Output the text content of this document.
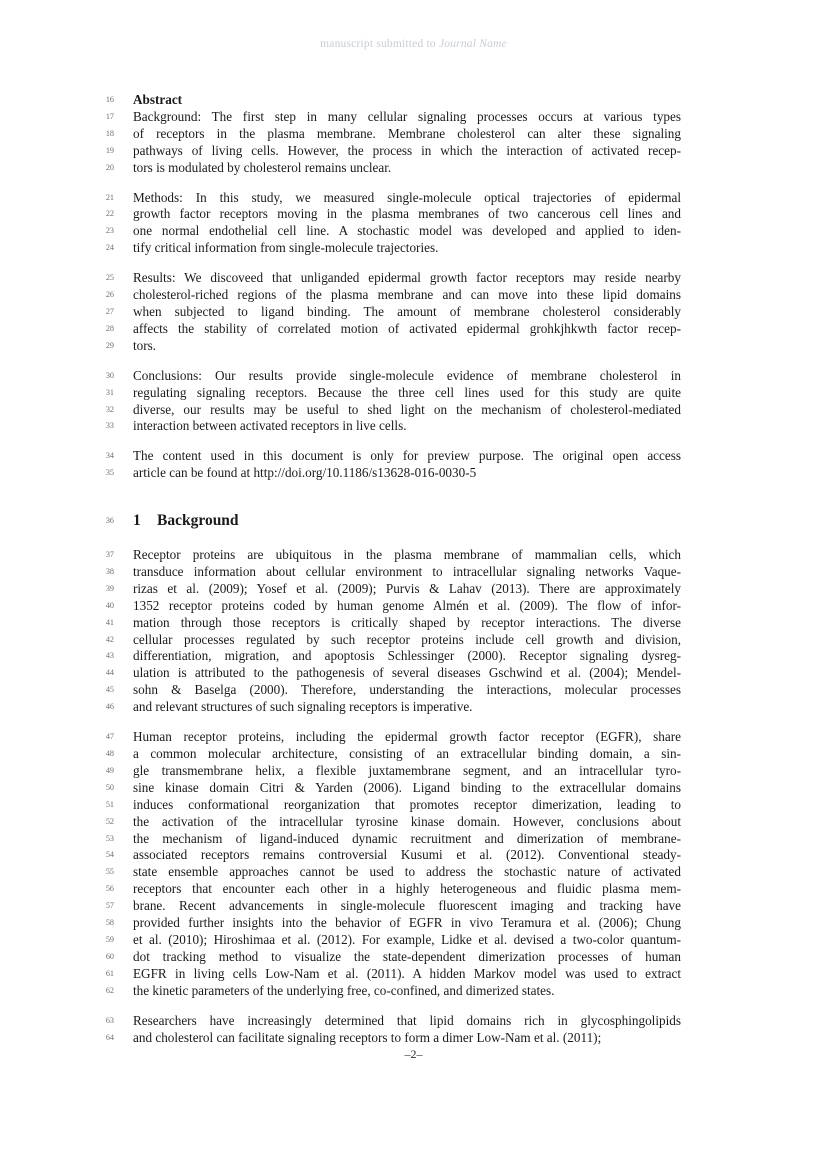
manuscript submitted to Journal Name
16
17
18
19
20
21
22
23
24
25
26
27
28
29
30
31
32
33
34
35
36
37
38
39
40
41
42
43
44
45
46
47
48
49
50
51
52
53
54
55
56
57
58
59
60
61
62
63
64
Abstract
Background: The first step in many cellular signaling processes occurs at various types
of receptors in the plasma membrane. Membrane cholesterol can alter these signaling
pathways of living cells. However, the process in which the interaction of activated recep-
tors is modulated by cholesterol remains unclear.
Methods: In this study, we measured single-molecule optical trajectories of epidermal
growth factor receptors moving in the plasma membranes of two cancerous cell lines and
one normal endothelial cell line. A stochastic model was developed and applied to iden-
tify critical information from single-molecule trajectories.
Results: We discoveed that unliganded epidermal growth factor receptors may reside nearby
cholesterol-riched regions of the plasma membrane and can move into these lipid domains
when subjected to ligand binding. The amount of membrane cholesterol considerably
affects the stability of correlated motion of activated epidermal grohkjhkwth factor recep-
tors.
Conclusions: Our results provide single-molecule evidence of membrane cholesterol in
regulating signaling receptors. Because the three cell lines used for this study are quite
diverse, our results may be useful to shed light on the mechanism of cholesterol-mediated
interaction between activated receptors in live cells.
The content used in this document is only for preview purpose. The original open access
article can be found at http://doi.org/10.1186/s13628-016-0030-5
1 Background
Receptor proteins are ubiquitous in the plasma membrane of mammalian cells, which
transduce information about cellular environment to intracellular signaling networks Vaque-
rizas et al. (2009); Yosef et al. (2009); Purvis & Lahav (2013). There are approximately
1352 receptor proteins coded by human genome Almén et al. (2009). The flow of infor-
mation through those receptors is critically shaped by receptor interactions. The diverse
cellular processes regulated by such receptor proteins include cell growth and division,
differentiation, migration, and apoptosis Schlessinger (2000). Receptor signaling dysreg-
ulation is attributed to the pathogenesis of several diseases Gschwind et al. (2004); Mendel-
sohn & Baselga (2000). Therefore, understanding the interactions, molecular processes
and relevant structures of such signaling receptors is imperative.
Human receptor proteins, including the epidermal growth factor receptor (EGFR), share
a common molecular architecture, consisting of an extracellular binding domain, a sin-
gle transmembrane helix, a flexible juxtamembrane segment, and an intracellular tyro-
sine kinase domain Citri & Yarden (2006). Ligand binding to the extracellular domains
induces conformational reorganization that promotes receptor dimerization, leading to
the activation of the intracellular tyrosine kinase domain. However, conclusions about
the mechanism of ligand-induced dynamic recruitment and dimerization of membrane-
associated receptors remains controversial Kusumi et al. (2012). Conventional steady-
state ensemble approaches cannot be used to address the stochastic nature of activated
receptors that encounter each other in a highly heterogeneous and fluidic plasma mem-
brane. Recent advancements in single-molecule fluorescent imaging and tracking have
provided further insights into the behavior of EGFR in vivo Teramura et al. (2006); Chung
et al. (2010); Hiroshimaa et al. (2012). For example, Lidke et al. devised a two-color quantum-
dot tracking method to visualize the state-dependent dimerization processes of human
EGFR in living cells Low-Nam et al. (2011). A hidden Markov model was used to extract
the kinetic parameters of the underlying free, co-confined, and dimerized states.
Researchers have increasingly determined that lipid domains rich in glycosphingolipids
and cholesterol can facilitate signaling receptors to form a dimer Low-Nam et al. (2011);
–2–
